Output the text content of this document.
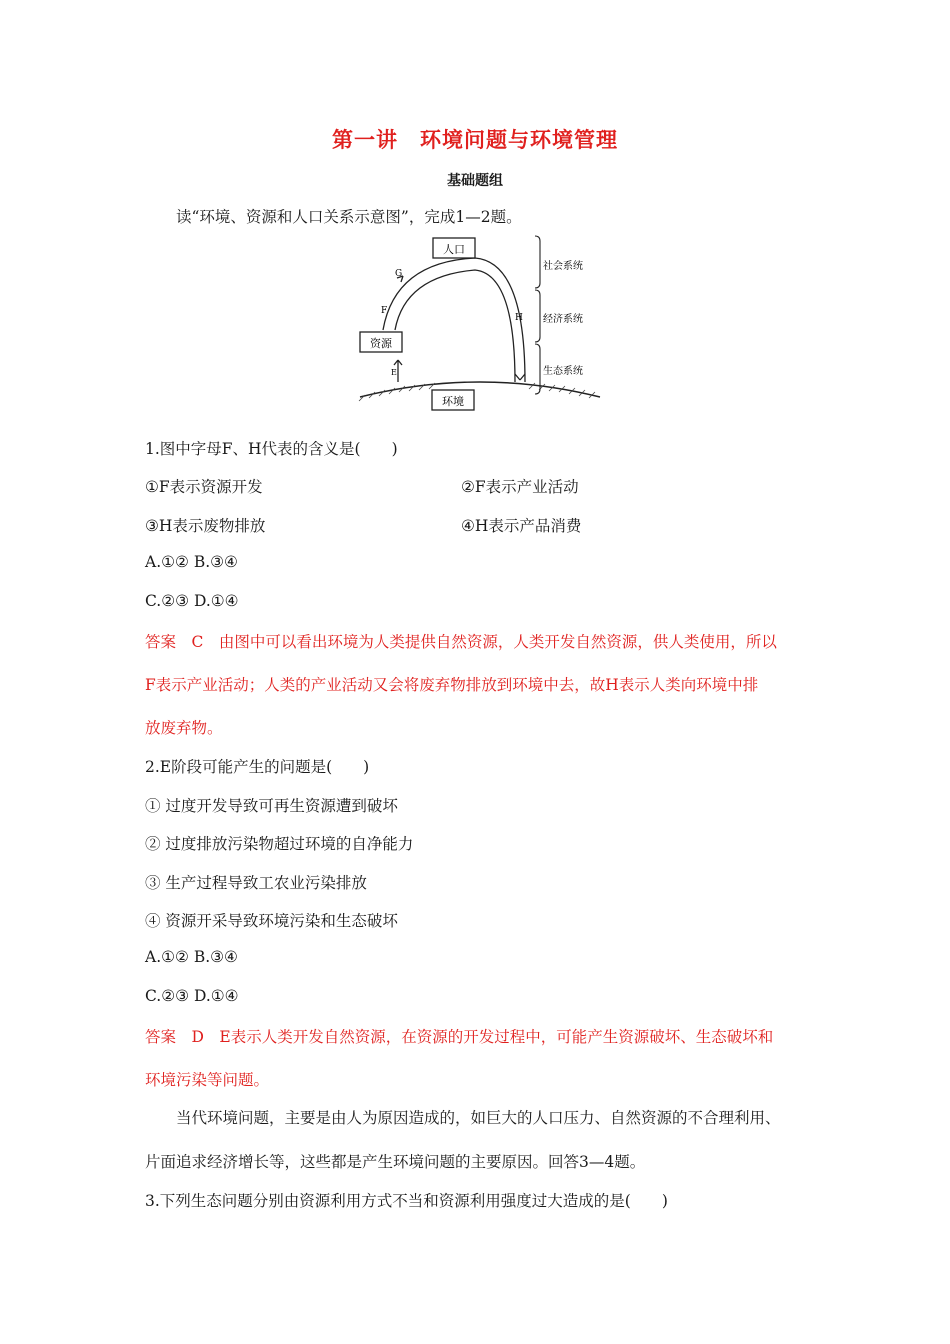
第一讲　环境问题与环境管理
基础题组
读“环境、资源和人口关系示意图”，完成1—2题。
人口
资源
环境
G
F
H
E
社会系统
经济系统
生态系统
1.图中字母F、H代表的含义是(　　)
①F表示资源开发	②F表示产业活动
③H表示废物排放	④H表示产品消费
A.①② B.③④
C.②③ D.①④
答案　C　由图中可以看出环境为人类提供自然资源，人类开发自然资源，供人类使用，所以
F表示产业活动；人类的产业活动又会将废弃物排放到环境中去，故H表示人类向环境中排
放废弃物。
2.E阶段可能产生的问题是(　　)
① 过度开发导致可再生资源遭到破坏
② 过度排放污染物超过环境的自净能力
③ 生产过程导致工农业污染排放
④ 资源开采导致环境污染和生态破坏
A.①② B.③④
C.②③ D.①④
答案　D　E表示人类开发自然资源，在资源的开发过程中，可能产生资源破坏、生态破坏和
环境污染等问题。
当代环境问题，主要是由人为原因造成的，如巨大的人口压力、自然资源的不合理利用、
片面追求经济增长等，这些都是产生环境问题的主要原因。回答3—4题。
3.下列生态问题分别由资源利用方式不当和资源利用强度过大造成的是(　　)
